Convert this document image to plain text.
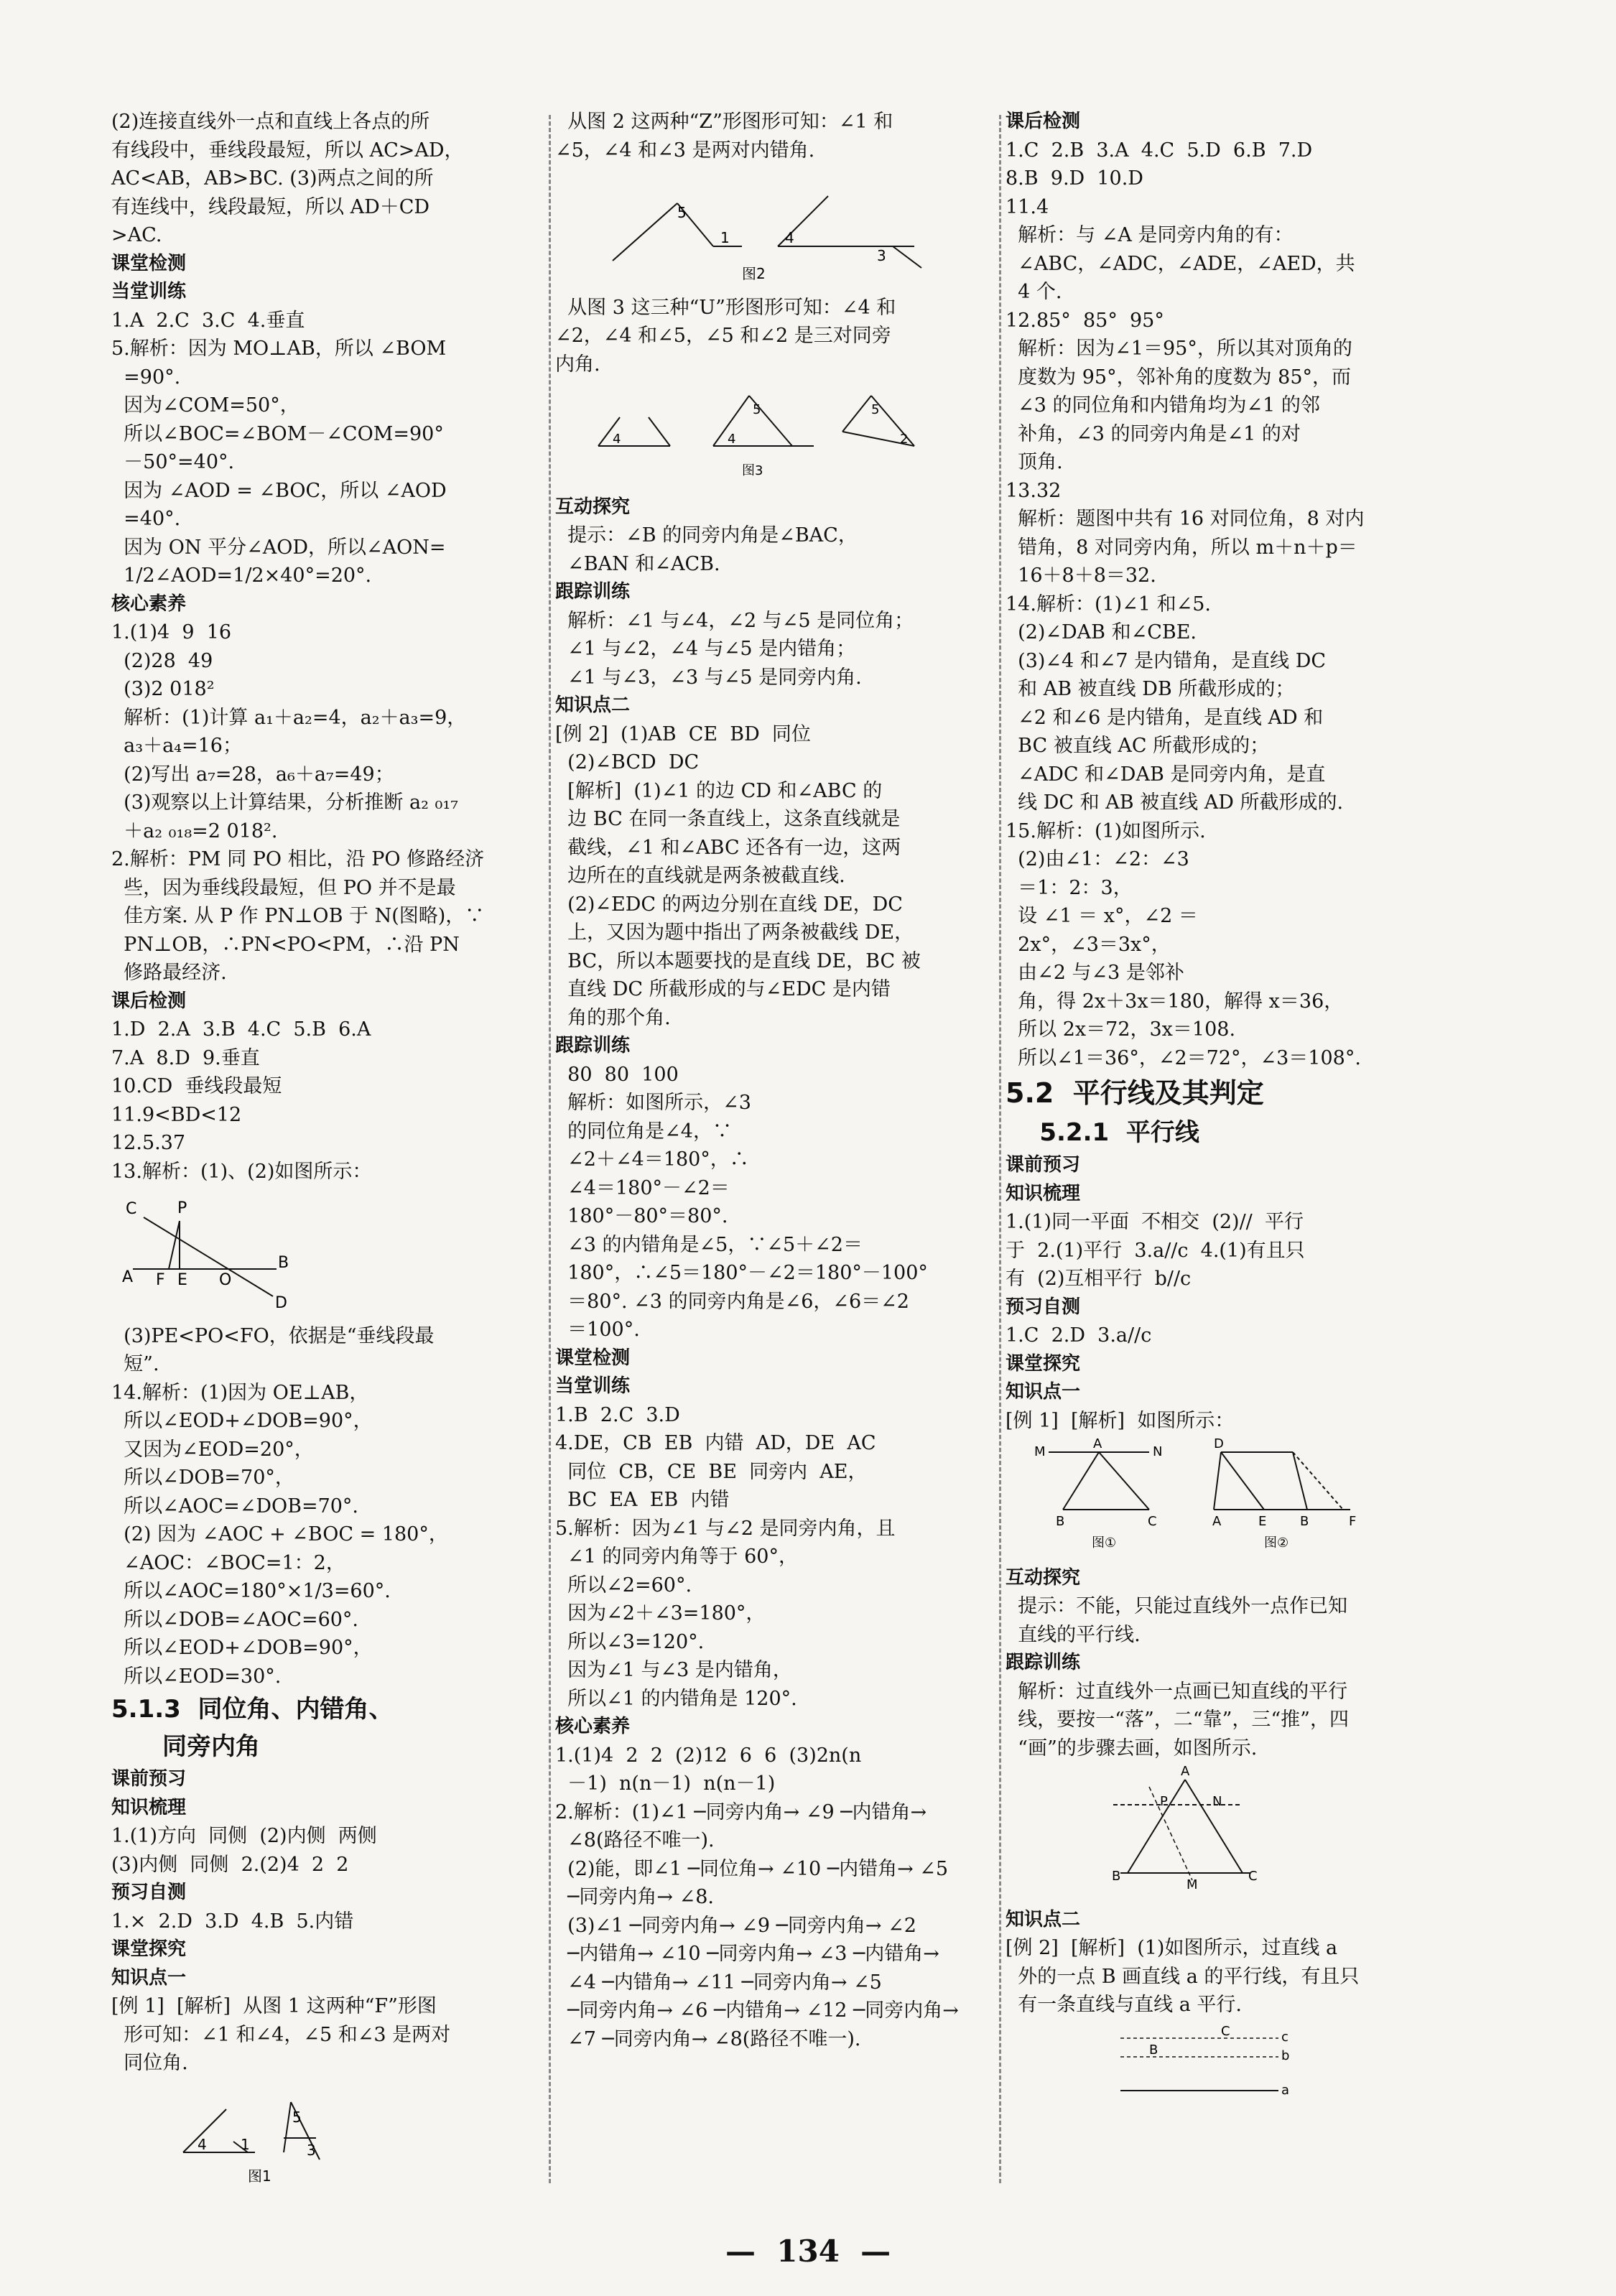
(2)连接直线外一点和直线上各点的所
有线段中，垂线段最短，所以 AC>AD，
AC<AB，AB>BC. (3)两点之间的所
有连线中，线段最短，所以 AD＋CD
>AC.
课堂检测
当堂训练
1.A  2.C  3.C  4.垂直
5.解析：因为 MO⊥AB，所以 ∠BOM
=90°.
因为∠COM=50°，
所以∠BOC=∠BOM－∠COM=90°
－50°=40°.
因为 ∠AOD = ∠BOC，所以 ∠AOD
=40°.
因为 ON 平分∠AOD，所以∠AON=
1/2∠AOD=1/2×40°=20°.
核心素养
1.(1)4  9  16
(2)28  49
(3)2 018²
解析：(1)计算 a₁＋a₂=4，a₂＋a₃=9，
a₃＋a₄=16；
(2)写出 a₇=28，a₆＋a₇=49；
(3)观察以上计算结果，分析推断 a₂ ₀₁₇
＋a₂ ₀₁₈=2 018².
2.解析：PM 同 PO 相比，沿 PO 修路经济
些，因为垂线段最短，但 PO 并不是最
佳方案. 从 P 作 PN⊥OB 于 N(图略)，∵
PN⊥OB，∴PN<PO<PM，∴沿 PN
修路最经济.
课后检测
1.D  2.A  3.B  4.C  5.B  6.A
7.A  8.D  9.垂直
10.CD  垂线段最短
11.9<BD<12
12.5.37
13.解析：(1)、(2)如图所示：
C	P
A F E O
B
D
(3)PE<PO<FO，依据是“垂线段最
短”.
14.解析：(1)因为 OE⊥AB，
所以∠EOD+∠DOB=90°，
又因为∠EOD=20°，
所以∠DOB=70°，
所以∠AOC=∠DOB=70°.
(2) 因为 ∠AOC + ∠BOC = 180°，
∠AOC：∠BOC=1：2，
所以∠AOC=180°×1/3=60°.
所以∠DOB=∠AOC=60°.
所以∠EOD+∠DOB=90°，
所以∠EOD=30°.
5.1.3  同位角、内错角、
同旁内角
课前预习
知识梳理
1.(1)方向  同侧  (2)内侧  两侧
(3)内侧  同侧  2.(2)4  2  2
预习自测
1.×  2.D  3.D  4.B  5.内错
课堂探究
知识点一
[例 1]  [解析]  从图 1 这两种“F”形图
形可知：∠1 和∠4，∠5 和∠3 是两对
同位角.
4 1
5
3
图1
从图 2 这两种“Z”形图形可知：∠1 和
∠5，∠4 和∠3 是两对内错角.
5
1	4
3
图2
从图 3 这三种“U”形图形可知：∠4 和
∠2，∠4 和∠5，∠5 和∠2 是三对同旁
内角.
4	4
5	5
2
图3
互动探究
提示：∠B 的同旁内角是∠BAC，
∠BAN 和∠ACB.
跟踪训练
解析：∠1 与∠4，∠2 与∠5 是同位角；
∠1 与∠2，∠4 与∠5 是内错角；
∠1 与∠3，∠3 与∠5 是同旁内角.
知识点二
[例 2]  (1)AB  CE  BD  同位
(2)∠BCD  DC
[解析]  (1)∠1 的边 CD 和∠ABC 的
边 BC 在同一条直线上，这条直线就是
截线，∠1 和∠ABC 还各有一边，这两
边所在的直线就是两条被截直线.
(2)∠EDC 的两边分别在直线 DE，DC
上，又因为题中指出了两条被截线 DE，
BC，所以本题要找的是直线 DE，BC 被
直线 DC 所截形成的与∠EDC 是内错
角的那个角.
跟踪训练
80  80  100
解析：如图所示，∠3
的同位角是∠4，∵
∠2＋∠4＝180°，∴
∠4＝180°－∠2＝
180°－80°＝80°.
∠3 的内错角是∠5，∵∠5＋∠2＝
180°，∴∠5＝180°－∠2＝180°－100°
＝80°. ∠3 的同旁内角是∠6，∠6＝∠2
＝100°.
课堂检测
当堂训练
1.B  2.C  3.D
4.DE，CB  EB  内错  AD，DE  AC
同位  CB，CE  BE  同旁内  AE，
BC  EA  EB  内错
5.解析：因为∠1 与∠2 是同旁内角，且
∠1 的同旁内角等于 60°，
所以∠2=60°.
因为∠2＋∠3=180°，
所以∠3=120°.
因为∠1 与∠3 是内错角，
所以∠1 的内错角是 120°.
核心素养
1.(1)4  2  2  (2)12  6  6  (3)2n(n
－1)  n(n－1)  n(n－1)
2.解析：(1)∠1 ─同旁内角→ ∠9 ─内错角→
∠8(路径不唯一).
(2)能，即∠1 ─同位角→ ∠10 ─内错角→ ∠5
─同旁内角→ ∠8.
(3)∠1 ─同旁内角→ ∠9 ─同旁内角→ ∠2
─内错角→ ∠10 ─同旁内角→ ∠3 ─内错角→
∠4 ─内错角→ ∠11 ─同旁内角→ ∠5
─同旁内角→ ∠6 ─内错角→ ∠12 ─同旁内角→
∠7 ─同旁内角→ ∠8(路径不唯一).
课后检测
1.C  2.B  3.A  4.C  5.D  6.B  7.D
8.B  9.D  10.D
11.4
解析：与 ∠A 是同旁内角的有：
∠ABC，∠ADC，∠ADE，∠AED，共
4 个.
12.85°  85°  95°
解析：因为∠1＝95°，所以其对顶角的
度数为 95°，邻补角的度数为 85°，而
∠3 的同位角和内错角均为∠1 的邻
补角，∠3 的同旁内角是∠1 的对
顶角.
13.32
解析：题图中共有 16 对同位角，8 对内
错角，8 对同旁内角，所以 m＋n＋p＝
16＋8＋8＝32.
14.解析：(1)∠1 和∠5.
(2)∠DAB 和∠CBE.
(3)∠4 和∠7 是内错角，是直线 DC
和 AB 被直线 DB 所截形成的；
∠2 和∠6 是内错角，是直线 AD 和
BC 被直线 AC 所截形成的；
∠ADC 和∠DAB 是同旁内角，是直
线 DC 和 AB 被直线 AD 所截形成的.
15.解析：(1)如图所示.
(2)由∠1：∠2：∠3
＝1：2：3，
设 ∠1 ＝ x°，∠2 ＝
2x°，∠3＝3x°，
由∠2 与∠3 是邻补
角，得 2x＋3x＝180，解得 x＝36，
所以 2x＝72，3x＝108.
所以∠1＝36°，∠2＝72°，∠3＝108°.
5.2  平行线及其判定
5.2.1  平行线
课前预习
知识梳理
1.(1)同一平面  不相交  (2)//  平行
于  2.(1)平行  3.a//c  4.(1)有且只
有  (2)互相平行  b//c
预习自测
1.C  2.D  3.a//c
课堂探究
知识点一
[例 1]  [解析]  如图所示：
M
A
N
B	C
D
A	E	B	F
图①	图②
互动探究
提示：不能，只能过直线外一点作已知
直线的平行线.
跟踪训练
解析：过直线外一点画已知直线的平行
线，要按一“落”，二“靠”，三“推”，四
“画”的步骤去画，如图所示.
A
P	N
B
M
C
知识点二
[例 2]  [解析]  (1)如图所示，过直线 a
外的一点 B 画直线 a 的平行线，有且只
有一条直线与直线 a 平行.
C	c
B	b
a
—  134  —
